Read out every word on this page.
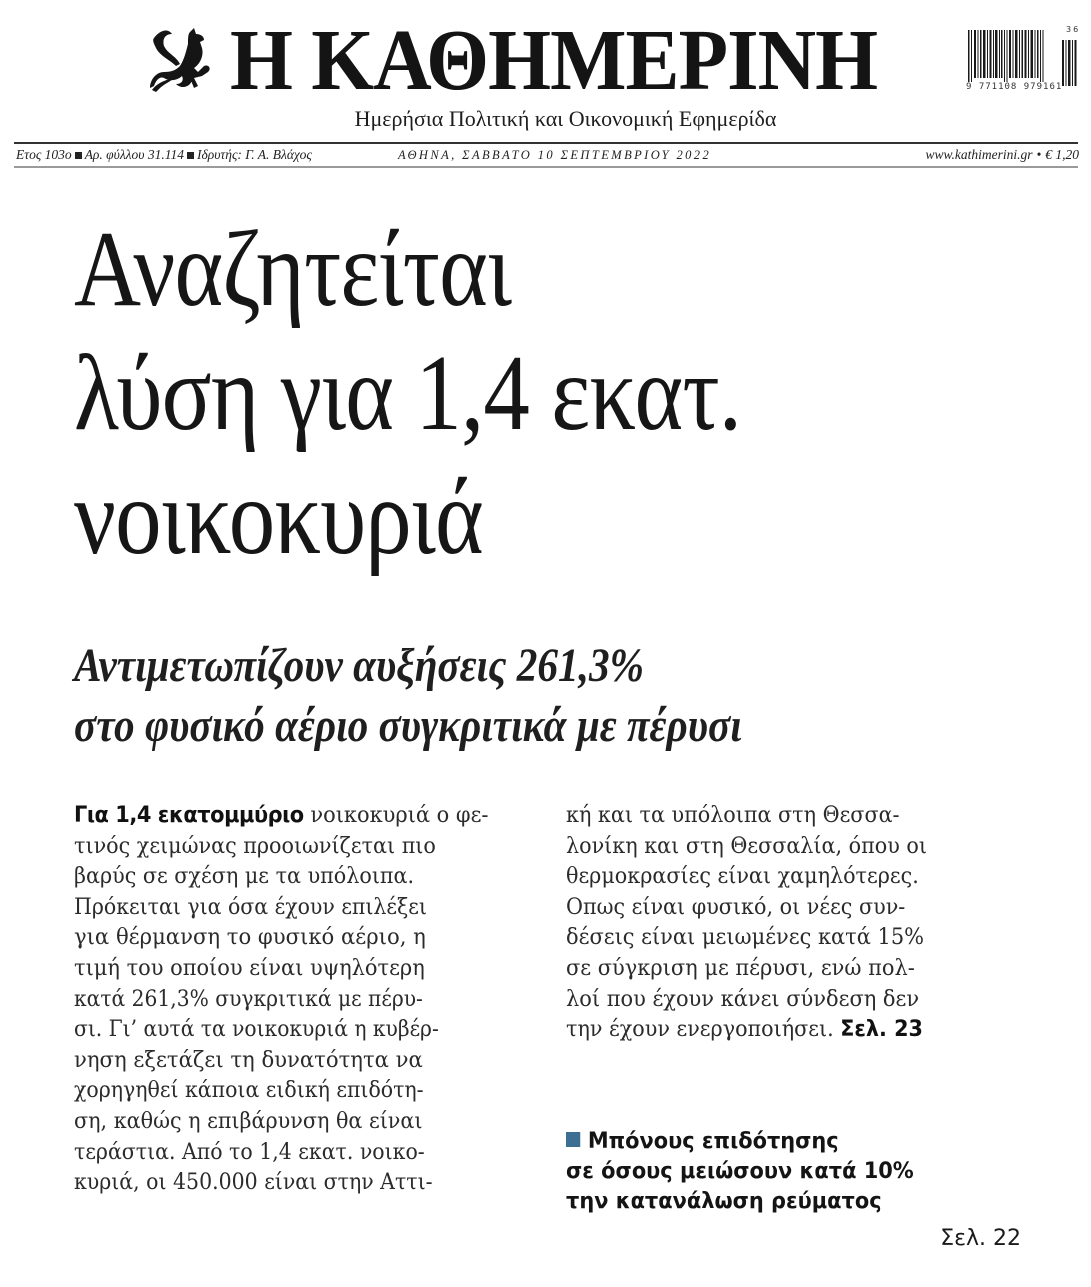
Η ΚΑΘΗΜΕΡΙΝΗ	9 771108 979161
36
Ημερήσια Πολιτική και Οικονομική Εφημερίδα
Ετος 103ο Αρ. φύλλου 31.114 Ιδρυτής: Γ. Α. Βλάχος	ΑΘΗΝΑ, ΣΑΒΒΑΤΟ 10 ΣΕΠΤΕΜΒΡΙΟΥ 2022	www.kathimerini.gr • € 1,20
Αναζητείται
λύση για 1,4 εκατ.
νοικοκυριά
Αντιμετωπίζουν αυξήσεις 261,3%
στο φυσικό αέριο συγκριτικά με πέρυσι
Για 1,4 εκατομμύριο νοικοκυριά ο φε-
τινός χειμώνας προοιωνίζεται πιο
βαρύς σε σχέση με τα υπόλοιπα.
Πρόκειται για όσα έχουν επιλέξει
για θέρμανση το φυσικό αέριο, η
τιμή του οποίου είναι υψηλότερη
κατά 261,3% συγκριτικά με πέρυ-
σι. Γι’ αυτά τα νοικοκυριά η κυβέρ-
νηση εξετάζει τη δυνατότητα να
χορηγηθεί κάποια ειδική επιδότη-
ση, καθώς η επιβάρυνση θα είναι
τεράστια. Από το 1,4 εκατ. νοικο-
κυριά, οι 450.000 είναι στην Αττι-
κή και τα υπόλοιπα στη Θεσσα-
λονίκη και στη Θεσσαλία, όπου οι
θερμοκρασίες είναι χαμηλότερες.
Οπως είναι φυσικό, οι νέες συν-
δέσεις είναι μειωμένες κατά 15%
σε σύγκριση με πέρυσι, ενώ πολ-
λοί που έχουν κάνει σύνδεση δεν
την έχουν ενεργοποιήσει. Σελ. 23
Μπόνους επιδότησης
σε όσους μειώσουν κατά 10%
την κατανάλωση ρεύματος
Σελ. 22
